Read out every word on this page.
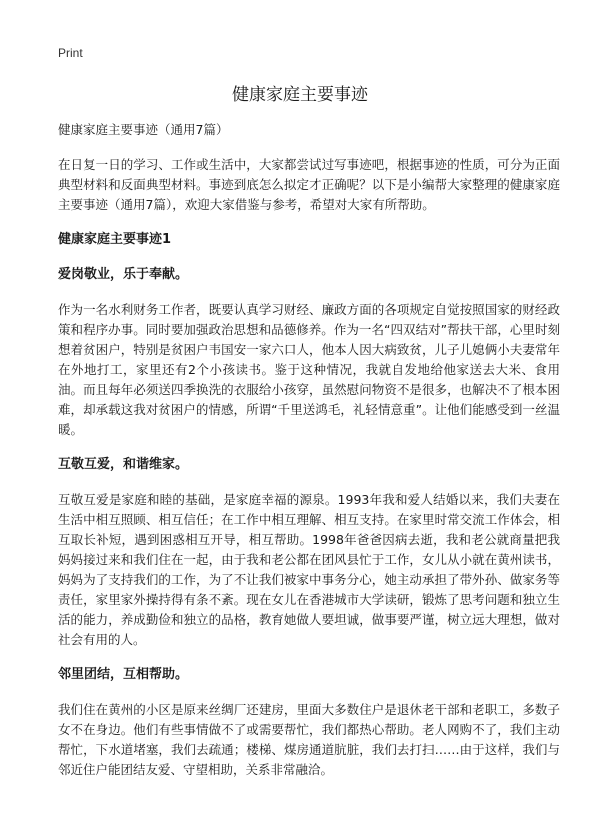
Print
健康家庭主要事迹
健康家庭主要事迹（通用7篇）

在日复一日的学习、工作或生活中，大家都尝试过写事迹吧，根据事迹的性质，可分为正面典型材料和反面典型材料。事迹到底怎么拟定才正确呢？以下是小编帮大家整理的健康家庭主要事迹（通用7篇），欢迎大家借鉴与参考，希望对大家有所帮助。

健康家庭主要事迹1
爱岗敬业，乐于奉献。

作为一名水利财务工作者，既要认真学习财经、廉政方面的各项规定自觉按照国家的财经政策和程序办事。同时要加强政治思想和品德修养。作为一名“四双结对”帮扶干部，心里时刻想着贫困户，特别是贫困户韦国安一家六口人，他本人因大病致贫，儿子儿媳俩小夫妻常年在外地打工，家里还有2个小孩读书。鉴于这种情况，我就自发地给他家送去大米、食用油。而且每年必须送四季换洗的衣服给小孩穿，虽然慰问物资不是很多，也解决不了根本困难，却承载这我对贫困户的情感，所谓“千里送鸿毛，礼轻情意重”。让他们能感受到一丝温暖。

互敬互爱，和谐维家。

互敬互爱是家庭和睦的基础，是家庭幸福的源泉。1993年我和爱人结婚以来，我们夫妻在生活中相互照顾、相互信任；在工作中相互理解、相互支持。在家里时常交流工作体会，相互取长补短，遇到困惑相互开导，相互帮助。1998年爸爸因病去逝，我和老公就商量把我妈妈接过来和我们住在一起，由于我和老公都在团风县忙于工作，女儿从小就在黄州读书，妈妈为了支持我们的工作，为了不让我们被家中事务分心，她主动承担了带外孙、做家务等责任，家里家外操持得有条不紊。现在女儿在香港城市大学读研，锻炼了思考问题和独立生活的能力，养成勤俭和独立的品格，教育她做人要坦诚，做事要严谨，树立远大理想，做对社会有用的人。

邻里团结，互相帮助。

我们住在黄州的小区是原来丝绸厂还建房，里面大多数住户是退休老干部和老职工，多数子女不在身边。他们有些事情做不了或需要帮忙，我们都热心帮助。老人网购不了，我们主动帮忙，下水道堵塞，我们去疏通；楼梯、煤房通道肮脏，我们去打扫……由于这样，我们与邻近住户能团结友爱、守望相助，关系非常融洽。
